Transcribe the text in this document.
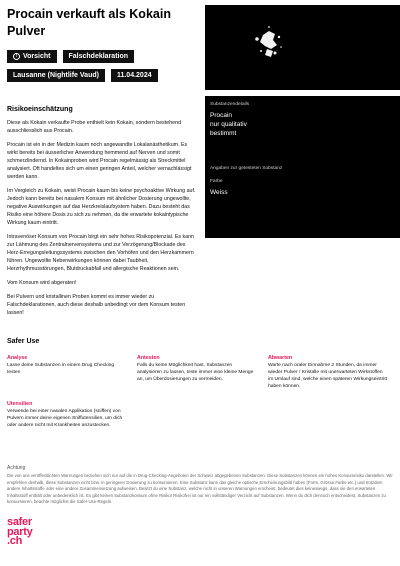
Procain verkauft als Kokain Pulver
! Vorsicht	Falschdeklaration
Lausanne (Nightlife Vaud)	11.04.2024
Substanzendetails
Procain
nur qualitativ
bestimmt
Angaben zur getesteten Substanz
Farbe
Weiss
Risikoeinschätzung
Diese als Kokain verkaufte Probe enthielt kein Kokain, sondern bestehend ausschliesslich aus Procain.
Procain ist ein in der Medizin kaum noch angewandte Lokalanästhetikum. Es wirkt bereits bei äusserlicher Anwendung hemmend auf Nerven und somit schmerzlindernd. In Kokainproben wird Procain regelmässig als Streckmittel analysiert. Oft handeltes sich um einen geringen Anteil, welcher vernachlässigt werden kann.
Im Vergleich zu Kokain, weist Procain kaum bis keine psychoaktive Wirkung auf. Jedoch kann bereits bei nasalem Konsum mit ähnlicher Dosierung ungewollte, negative Auswirkungen auf das Herzkreislaufsystem haben. Dazu besteht das Risiko eine höhere Dosis zu sich zu nehmen, da die erwartete kokaintypische Wirkung kaum eintritt.
Intravenöser Konsum von Procain birgt ein sehr hohes Risikopotenzial. Es kann zur Lähmung des Zentralnervensystems und zur Verzögerung/Blockade des Herz-Erregungsleitungssystems zwischen den Vorhöfen und den Herzkammern führen. Ungewollte Nebenwirkungen können dabei Taubheit, Herzrhythmusstörungen, Blutdruckabfall und allergische Reaktionen sein.
Vom Konsum wird abgeraten!
Bei Pulvern und kristallinen Proben kommt es immer wieder zu Falschdeklarationen, auch diese deshalb unbedingt vor dem Konsum testen lassen!
Safer Use
Analyse
Lasse deine Substanzen in einem Drug Checking testen
Antesten
Falls du keine Möglichkeit hast, Substanzen analysieren zu lassen, teste immer eine kleine Menge an, um Überdosierungen zu vermeiden.
Abwarten
Warte nach oraler Einnahme 2 Stunden, da immer wieder Pulver / Kristalle mit unerwarteten Wirkstoffen im Umlauf sind, welche einen späteren Wirkungseintritt haben können.
Utensilien
Verwende bei einer nasalen Applikation (sniffen) von Pulvern immer deine eigenen Sniffutensilien, um dich oder andere nicht mit Krankheiten anzustecken.
Achtung
Die von uns veröffentlichten Warnungen beziehen sich nur auf die in Drug-Checking-Angeboten der Schweiz abgegebenen Substanzen. Diese Substanzen können ein hohes Konsumrisiko darstellen. Wir empfehlen deshalb, diese Substanzen nicht bzw. in geringerer Dosierung zu konsumieren. Eine Substanz kann das gleiche optische Erscheinungsbild haben (Form, Grösse,Farbe etc.) und trotzdem andere Inhaltsstoffe oder eine andere Zusammensetzung aufweisen. Besitzt du eine Substanz, welche nicht in unseren Warnungen erscheint, bedeutet dies keineswegs, dass sie den erwarteten Inhaltsstoff enthält oder unbedenklich ist. Es gibt keinen Substanzkonsum ohne Risiko! Risikofrei ist nur ein vollständiger Verzicht auf Substanzen. Wenn du dich dennoch entscheidest, Substanzen zu konsumieren, beachte möglichst die Safer-Use-Regeln.
safer
party
.ch
